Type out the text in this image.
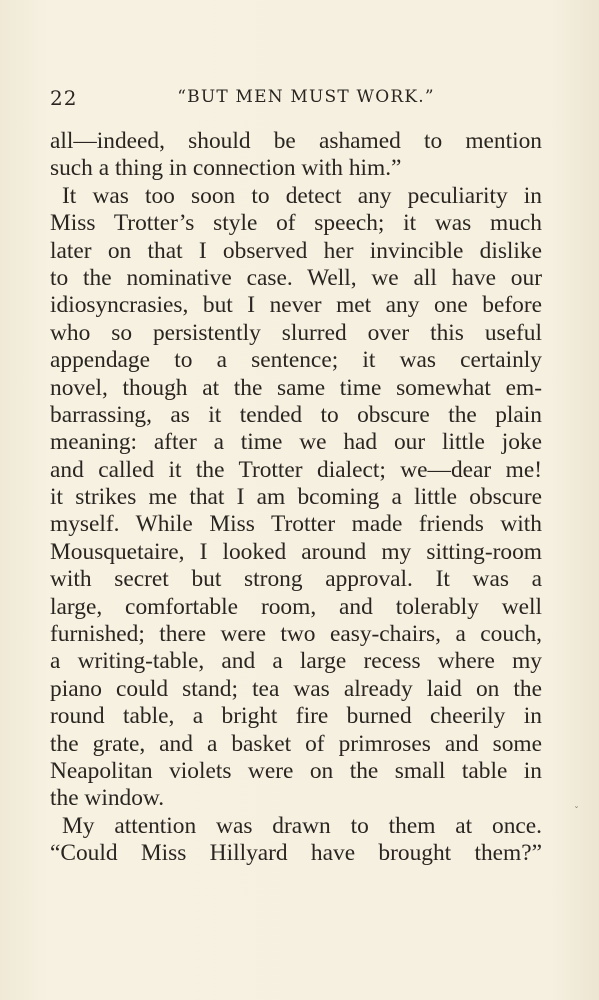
22	“BUT MEN MUST WORK.”
all—indeed, should be ashamed to mention
such a thing in connection with him.”
It was too soon to detect any peculiarity in
Miss Trotter’s style of speech; it was much
later on that I observed her invincible dislike
to the nominative case. Well, we all have our
idiosyncrasies, but I never met any one before
who so persistently slurred over this useful
appendage to a sentence; it was certainly
novel, though at the same time somewhat em-
barrassing, as it tended to obscure the plain
meaning: after a time we had our little joke
and called it the Trotter dialect; we—dear me!
it strikes me that I am bcoming a little obscure
myself. While Miss Trotter made friends with
Mousquetaire, I looked around my sitting-room
with secret but strong approval. It was a
large, comfortable room, and tolerably well
furnished; there were two easy-chairs, a couch,
a writing-table, and a large recess where my
piano could stand; tea was already laid on the
round table, a bright fire burned cheerily in
the grate, and a basket of primroses and some
Neapolitan violets were on the small table in
the window.
My attention was drawn to them at once.
“Could Miss Hillyard have brought them?”
ˇ
